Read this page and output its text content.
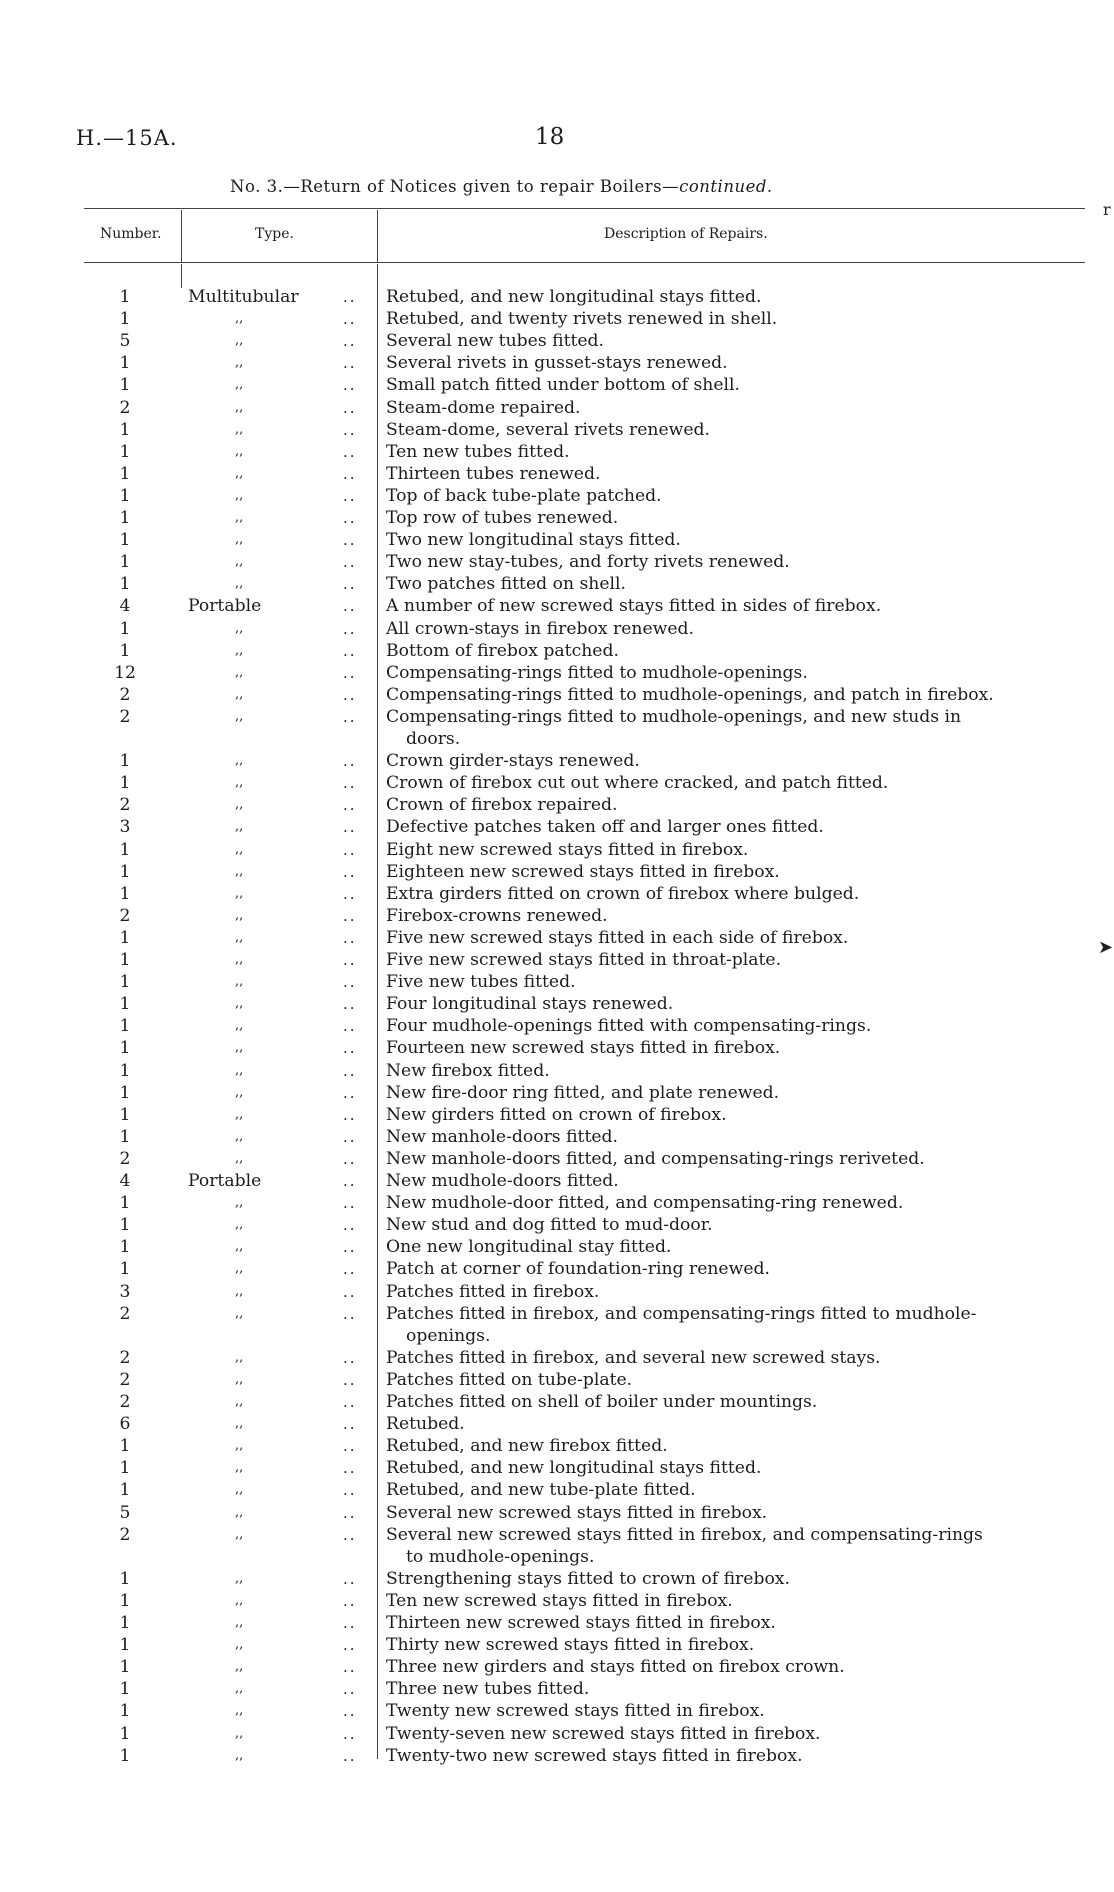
H.—15A.	18
No. 3.—Return of Notices given to repair Boilers—continued.
Number.	Type.	Description of Repairs.
1	Multitubular	.. Retubed, and new longitudinal stays fitted.
1	,,	.. Retubed, and twenty rivets renewed in shell.
5	,,	.. Several new tubes fitted.
1	,,	.. Several rivets in gusset-stays renewed.
1	,,	.. Small patch fitted under bottom of shell.
2	,,	.. Steam-dome repaired.
1	,,	.. Steam-dome, several rivets renewed.
1	,,	.. Ten new tubes fitted.
1	,,	.. Thirteen tubes renewed.
1	,,	.. Top of back tube-plate patched.
1	,,	.. Top row of tubes renewed.
1	,,	.. Two new longitudinal stays fitted.
1	,,	.. Two new stay-tubes, and forty rivets renewed.
1	,,	.. Two patches fitted on shell.
4	Portable	.. A number of new screwed stays fitted in sides of firebox.
1	,,	.. All crown-stays in firebox renewed.
1	,,	.. Bottom of firebox patched.
12	,,	.. Compensating-rings fitted to mudhole-openings.
2	,,	.. Compensating-rings fitted to mudhole-openings, and patch in firebox.
2	,,	.. Compensating-rings fitted to mudhole-openings, and new studs in
doors.
1	,,	.. Crown girder-stays renewed.
1	,,	.. Crown of firebox cut out where cracked, and patch fitted.
2	,,	.. Crown of firebox repaired.
3	,,	.. Defective patches taken off and larger ones fitted.
1	,,	.. Eight new screwed stays fitted in firebox.
1	,,	.. Eighteen new screwed stays fitted in firebox.
1	,,	.. Extra girders fitted on crown of firebox where bulged.
2	,,	.. Firebox-crowns renewed.
1	,,	.. Five new screwed stays fitted in each side of firebox.
1	,,	.. Five new screwed stays fitted in throat-plate.
1	,,	.. Five new tubes fitted.
1	,,	.. Four longitudinal stays renewed.
1	,,	.. Four mudhole-openings fitted with compensating-rings.
1	,,	.. Fourteen new screwed stays fitted in firebox.
1	,,	.. New firebox fitted.
1	,,	.. New fire-door ring fitted, and plate renewed.
1	,,	.. New girders fitted on crown of firebox.
1	,,	.. New manhole-doors fitted.
2	,,	.. New manhole-doors fitted, and compensating-rings reriveted.
4	Portable	.. New mudhole-doors fitted.
1	,,	.. New mudhole-door fitted, and compensating-ring renewed.
1	,,	.. New stud and dog fitted to mud-door.
1	,,	.. One new longitudinal stay fitted.
1	,,	.. Patch at corner of foundation-ring renewed.
3	,,	.. Patches fitted in firebox.
2	,,	.. Patches fitted in firebox, and compensating-rings fitted to mudhole-
openings.
2	,,	.. Patches fitted in firebox, and several new screwed stays.
2	,,	.. Patches fitted on tube-plate.
2	,,	.. Patches fitted on shell of boiler under mountings.
6	,,	.. Retubed.
1	,,	.. Retubed, and new firebox fitted.
1	,,	.. Retubed, and new longitudinal stays fitted.
1	,,	.. Retubed, and new tube-plate fitted.
5	,,	.. Several new screwed stays fitted in firebox.
2	,,	.. Several new screwed stays fitted in firebox, and compensating-rings
to mudhole-openings.
1	,,	.. Strengthening stays fitted to crown of firebox.
1	,,	.. Ten new screwed stays fitted in firebox.
1	,,	.. Thirteen new screwed stays fitted in firebox.
1	,,	.. Thirty new screwed stays fitted in firebox.
1	,,	.. Three new girders and stays fitted on firebox crown.
1	,,	.. Three new tubes fitted.
1	,,	.. Twenty new screwed stays fitted in firebox.
1	,,	.. Twenty-seven new screwed stays fitted in firebox.
1	,,	.. Twenty-two new screwed stays fitted in firebox.
r
➤
